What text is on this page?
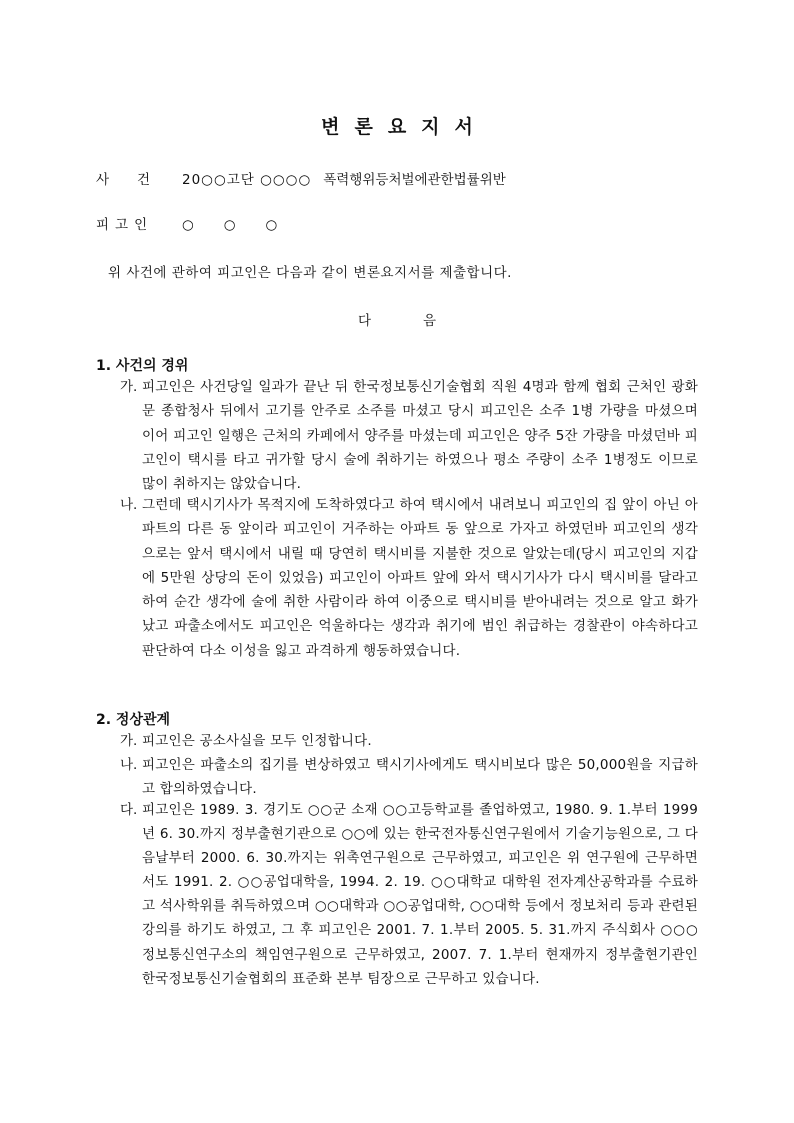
변론요지서
사건 20○○고단 ○○○○ 폭력행위등처벌에관한법률위반
피고인	○○○
위 사건에 관하여 피고인은 다음과 같이 변론요지서를 제출합니다.
다음
1. 사건의 경위
가. 피고인은 사건당일 일과가 끝난 뒤 한국정보통신기술협회 직원 4명과 함께 협회 근처인 광화문 종합청사 뒤에서 고기를 안주로 소주를 마셨고 당시 피고인은 소주 1병 가량을 마셨으며 이어 피고인 일행은 근처의 카페에서 양주를 마셨는데 피고인은 양주 5잔 가량을 마셨던바 피고인이 택시를 타고 귀가할 당시 술에 취하기는 하였으나 평소 주량이 소주 1병정도 이므로 많이 취하지는 않았습니다.
나. 그런데 택시기사가 목적지에 도착하였다고 하여 택시에서 내려보니 피고인의 집 앞이 아닌 아파트의 다른 동 앞이라 피고인이 거주하는 아파트 동 앞으로 가자고 하였던바 피고인의 생각으로는 앞서 택시에서 내릴 때 당연히 택시비를 지불한 것으로 알았는데(당시 피고인의 지갑에 5만원 상당의 돈이 있었음) 피고인이 아파트 앞에 와서 택시기사가 다시 택시비를 달라고 하여 순간 생각에 술에 취한 사람이라 하여 이중으로 택시비를 받아내려는 것으로 알고 화가 났고 파출소에서도 피고인은 억울하다는 생각과 취기에 범인 취급하는 경찰관이 야속하다고 판단하여 다소 이성을 잃고 과격하게 행동하였습니다.
2. 정상관계
가. 피고인은 공소사실을 모두 인정합니다.
나. 피고인은 파출소의 집기를 변상하였고 택시기사에게도 택시비보다 많은 50,000원을 지급하고 합의하였습니다.
다. 피고인은 1989. 3. 경기도 ○○군 소재 ○○고등학교를 졸업하였고, 1980. 9. 1.부터 1999년 6. 30.까지 정부출현기관으로 ○○에 있는 한국전자통신연구원에서 기술기능원으로, 그 다음날부터 2000. 6. 30.까지는 위촉연구원으로 근무하였고, 피고인은 위 연구원에 근무하면서도 1991. 2. ○○공업대학을, 1994. 2. 19. ○○대학교 대학원 전자계산공학과를 수료하고 석사학위를 취득하였으며 ○○대학과 ○○공업대학, ○○대학 등에서 정보처리 등과 관련된 강의를 하기도 하였고, 그 후 피고인은 2001. 7. 1.부터 2005. 5. 31.까지 주식회사 ○○○정보통신연구소의 책임연구원으로 근무하였고, 2007. 7. 1.부터 현재까지 정부출현기관인 한국정보통신기술협회의 표준화 본부 팀장으로 근무하고 있습니다.
